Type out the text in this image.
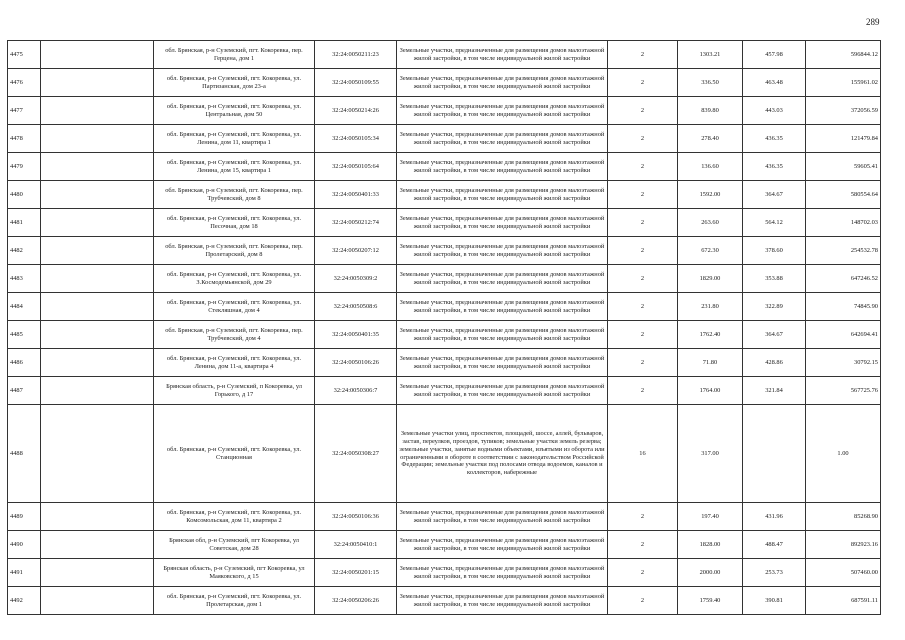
289
4475		обл. Брянская, р-н Суземский, пгт. Кокоревка, пер. Герцена, дом 1	32:24:0050211:23	Земельные участки, предназначенные для размещения домов малоэтажной жилой застройки, в том числе индивидуальной жилой застройки	2	1303.21	457.98	596844.12
4476		обл. Брянская, р-н Суземский, пгт. Кокоревка, ул. Партизанская, дом 23-а	32:24:0050109:55	Земельные участки, предназначенные для размещения домов малоэтажной жилой застройки, в том числе индивидуальной жилой застройки	2	336.50	463.48	155961.02
4477		обл. Брянская, р-н Суземский, пгт. Кокоревка, ул. Центральная, дом 50	32:24:0050214:26	Земельные участки, предназначенные для размещения домов малоэтажной жилой застройки, в том числе индивидуальной жилой застройки	2	839.80	443.03	372056.59
4478		обл. Брянская, р-н Суземский, пгт. Кокоревка, ул. Ленина, дом 11, квартира 1	32:24:0050105:34	Земельные участки, предназначенные для размещения домов малоэтажной жилой застройки, в том числе индивидуальной жилой застройки	2	278.40	436.35	121479.84
4479		обл. Брянская, р-н Суземский, пгт. Кокоревка, ул. Ленина, дом 15, квартира 1	32:24:0050105:64	Земельные участки, предназначенные для размещения домов малоэтажной жилой застройки, в том числе индивидуальной жилой застройки	2	136.60	436.35	59605.41
4480		обл. Брянская, р-н Суземский, пгт. Кокоревка, пер. Трубчевский, дом 8	32:24:0050401:33	Земельные участки, предназначенные для размещения домов малоэтажной жилой застройки, в том числе индивидуальной жилой застройки	2	1592.00	364.67	580554.64
4481		обл. Брянская, р-н Суземский, пгт. Кокоревка, ул. Песочная, дом 18	32:24:0050212:74	Земельные участки, предназначенные для размещения домов малоэтажной жилой застройки, в том числе индивидуальной жилой застройки	2	263.60	564.12	148702.03
4482		обл. Брянская, р-н Суземский, пгт. Кокоревка, пер. Пролетарский, дом 8	32:24:0050207:12	Земельные участки, предназначенные для размещения домов малоэтажной жилой застройки, в том числе индивидуальной жилой застройки	2	672.30	378.60	254532.78
4483		обл. Брянская, р-н Суземский, пгт. Кокоревка, ул. З.Космодемьянской, дом 29	32:24:0050309:2	Земельные участки, предназначенные для размещения домов малоэтажной жилой застройки, в том числе индивидуальной жилой застройки	2	1829.00	353.88	647246.52
4484		обл. Брянская, р-н Суземский, пгт. Кокоревка, ул. Стекляшная, дом 4	32:24:0050508:6	Земельные участки, предназначенные для размещения домов малоэтажной жилой застройки, в том числе индивидуальной жилой застройки	2	231.80	322.89	74845.90
4485		обл. Брянская, р-н Суземский, пгт. Кокоревка, пер. Трубчевский, дом 4	32:24:0050401:35	Земельные участки, предназначенные для размещения домов малоэтажной жилой застройки, в том числе индивидуальной жилой застройки	2	1762.40	364.67	642694.41
4486		обл. Брянская, р-н Суземский, пгт. Кокоревка, ул. Ленина, дом 11-а, квартира 4	32:24:0050106:26	Земельные участки, предназначенные для размещения домов малоэтажной жилой застройки, в том числе индивидуальной жилой застройки	2	71.80	428.86	30792.15
4487		Брянская область, р-н Суземский, п Кокоревка, ул Горького, д 17	32:24:0050306:7	Земельные участки, предназначенные для размещения домов малоэтажной жилой застройки, в том числе индивидуальной жилой застройки	2	1764.00	321.84	567725.76
4488		обл. Брянская, р-н Суземский, пгт. Кокоревка, ул. Станционная	32:24:0050308:27	Земельные участки улиц, проспектов, площадей, шоссе, аллей, бульваров, застав, переулков, проездов, тупиков; земельные участки земель резерва; земельные участки, занятые водными объектами, изъятыми из оборота или ограниченными в обороте в соответствии с законодательством Российской Федерации; земельные участки под полосами отвода водоемов, каналов и коллекторов, набережные	16	317.00		1.00
4489		обл. Брянская, р-н Суземский, пгт. Кокоревка, ул. Комсомольская, дом 11, квартира 2	32:24:0050106:36	Земельные участки, предназначенные для размещения домов малоэтажной жилой застройки, в том числе индивидуальной жилой застройки	2	197.40	431.96	85268.90
4490		Брянская обл, р-н Суземский, пгт Кокоревка, ул Советская, дом 28	32:24:0050410:1	Земельные участки, предназначенные для размещения домов малоэтажной жилой застройки, в том числе индивидуальной жилой застройки	2	1828.00	488.47	892923.16
4491		Брянская область, р-н Суземский, пгт Кокоревка, ул Маяковского, д 15	32:24:0050201:15	Земельные участки, предназначенные для размещения домов малоэтажной жилой застройки, в том числе индивидуальной жилой застройки	2	2000.00	253.73	507460.00
4492		обл. Брянская, р-н Суземский, пгт. Кокоревка, ул. Пролетарская, дом 1	32:24:0050206:26	Земельные участки, предназначенные для размещения домов малоэтажной жилой застройки, в том числе индивидуальной жилой застройки	2	1759.40	390.81	687591.11
